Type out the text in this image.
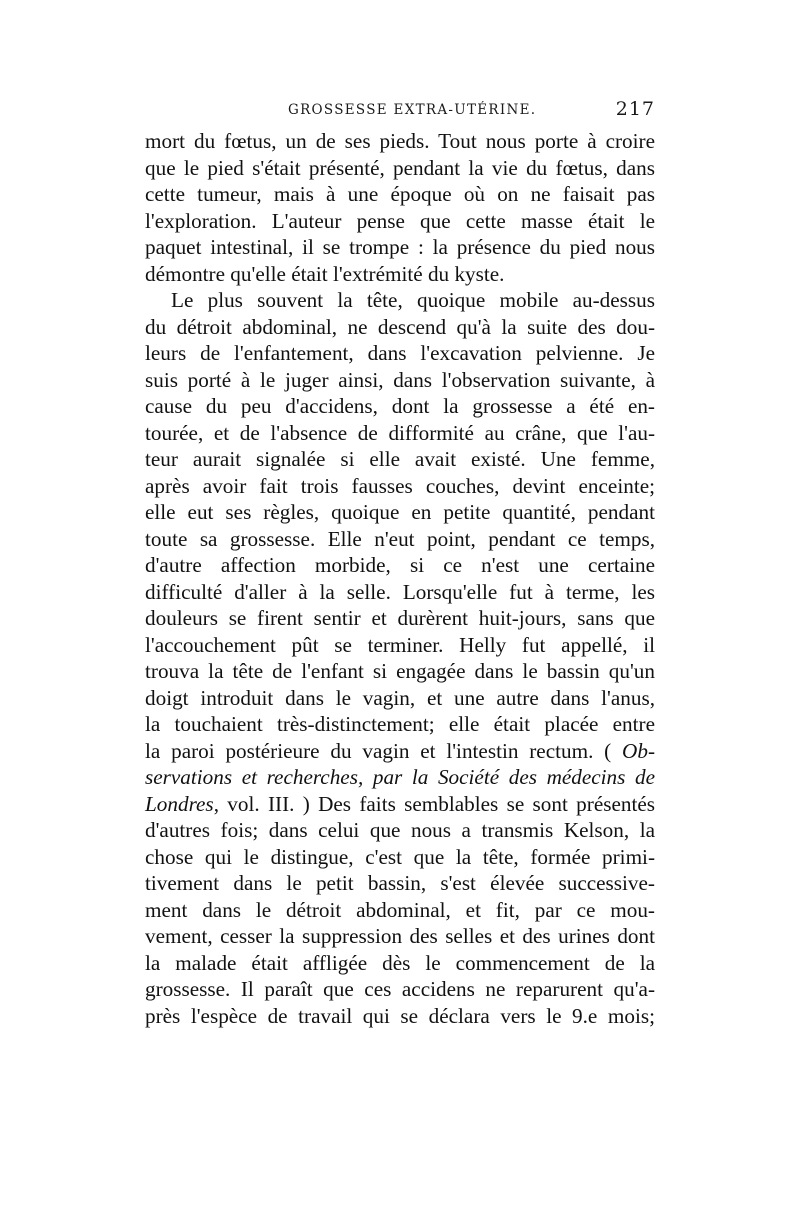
GROSSESSE EXTRA-UTÉRINE.	217
mort du fœtus, un de ses pieds. Tout nous porte à croire
que le pied s'était présenté, pendant la vie du fœtus, dans
cette tumeur, mais à une époque où on ne faisait pas
l'exploration. L'auteur pense que cette masse était le
paquet intestinal, il se trompe : la présence du pied nous
démontre qu'elle était l'extrémité du kyste.
Le plus souvent la tête, quoique mobile au-dessus
du détroit abdominal, ne descend qu'à la suite des dou-
leurs de l'enfantement, dans l'excavation pelvienne. Je
suis porté à le juger ainsi, dans l'observation suivante, à
cause du peu d'accidens, dont la grossesse a été en-
tourée, et de l'absence de difformité au crâne, que l'au-
teur aurait signalée si elle avait existé. Une femme,
après avoir fait trois fausses couches, devint enceinte;
elle eut ses règles, quoique en petite quantité, pendant
toute sa grossesse. Elle n'eut point, pendant ce temps,
d'autre affection morbide, si ce n'est une certaine
difficulté d'aller à la selle. Lorsqu'elle fut à terme, les
douleurs se firent sentir et durèrent huit-jours, sans que
l'accouchement pût se terminer. Helly fut appellé, il
trouva la tête de l'enfant si engagée dans le bassin qu'un
doigt introduit dans le vagin, et une autre dans l'anus,
la touchaient très-distinctement; elle était placée entre
la paroi postérieure du vagin et l'intestin rectum. ( Ob-
servations et recherches, par la Société des médecins de
Londres, vol. III. ) Des faits semblables se sont présentés
d'autres fois; dans celui que nous a transmis Kelson, la
chose qui le distingue, c'est que la tête, formée primi-
tivement dans le petit bassin, s'est élevée successive-
ment dans le détroit abdominal, et fit, par ce mou-
vement, cesser la suppression des selles et des urines dont
la malade était affligée dès le commencement de la
grossesse. Il paraît que ces accidens ne reparurent qu'a-
près l'espèce de travail qui se déclara vers le 9.e mois;
